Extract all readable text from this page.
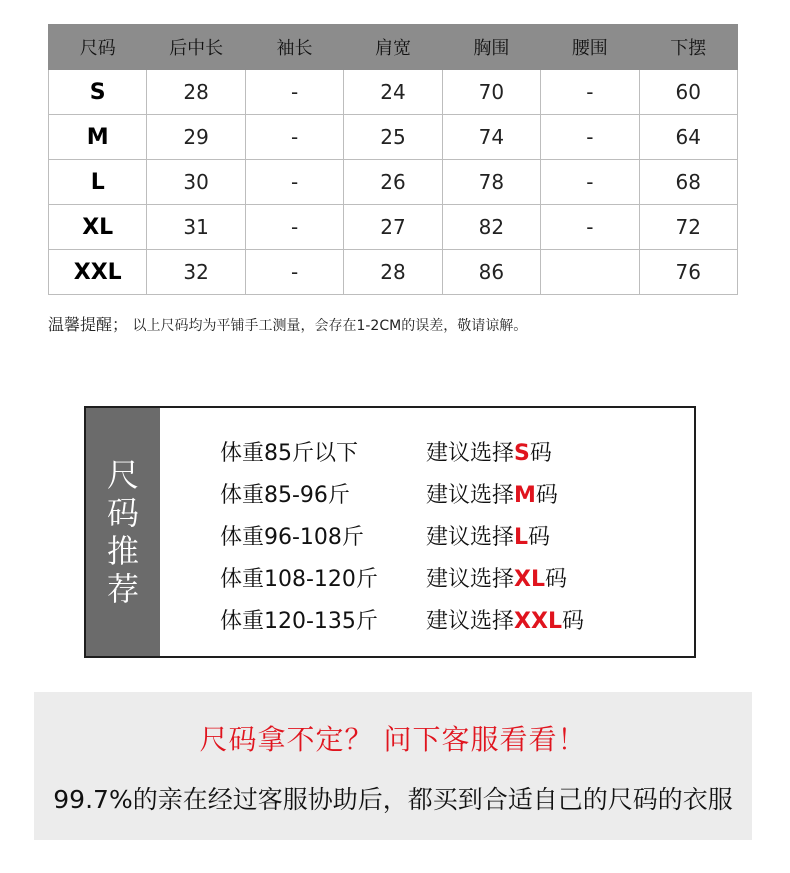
尺码	后中长	袖长	肩宽	胸围	腰围	下摆
S	28	-	24	70	-	60
M	29	-	25	74	-	64
L	30	-	26	78	-	68
XL	31	-	27	82	-	72
XXL	32	-	28	86		76
温馨提醒； 以上尺码均为平铺手工测量，会存在1-2CM的误差，敬请谅解。
尺码推荐
体重85斤以下	建议选择S码
体重85-96斤	建议选择M码
体重96-108斤	建议选择L码
体重108-120斤 建议选择XL码
体重120-135斤 建议选择XXL码
尺码拿不定？ 问下客服看看！
99.7%的亲在经过客服协助后，都买到合适自己的尺码的衣服
